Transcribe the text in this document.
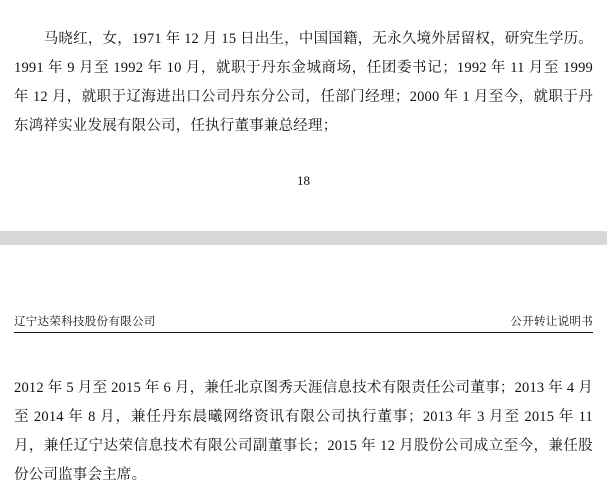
马晓红，女，1971 年 12 月 15 日出生，中国国籍，无永久境外居留权，研究生学历。1991 年 9 月至 1992 年 10 月，就职于丹东金城商场，任团委书记；1992 年 11 月至 1999 年 12 月，就职于辽海进出口公司丹东分公司，任部门经理；2000 年 1 月至今，就职于丹东鸿祥实业发展有限公司，任执行董事兼总经理；

18
辽宁达荣科技股份有限公司	公开转让说明书

2012 年 5 月至 2015 年 6 月，兼任北京图秀天涯信息技术有限责任公司董事；2013 年 4 月至 2014 年 8 月，兼任丹东晨曦网络资讯有限公司执行董事；2013 年 3 月至 2015 年 11 月，兼任辽宁达荣信息技术有限公司副董事长；2015 年 12 月股份公司成立至今，兼任股份公司监事会主席。
